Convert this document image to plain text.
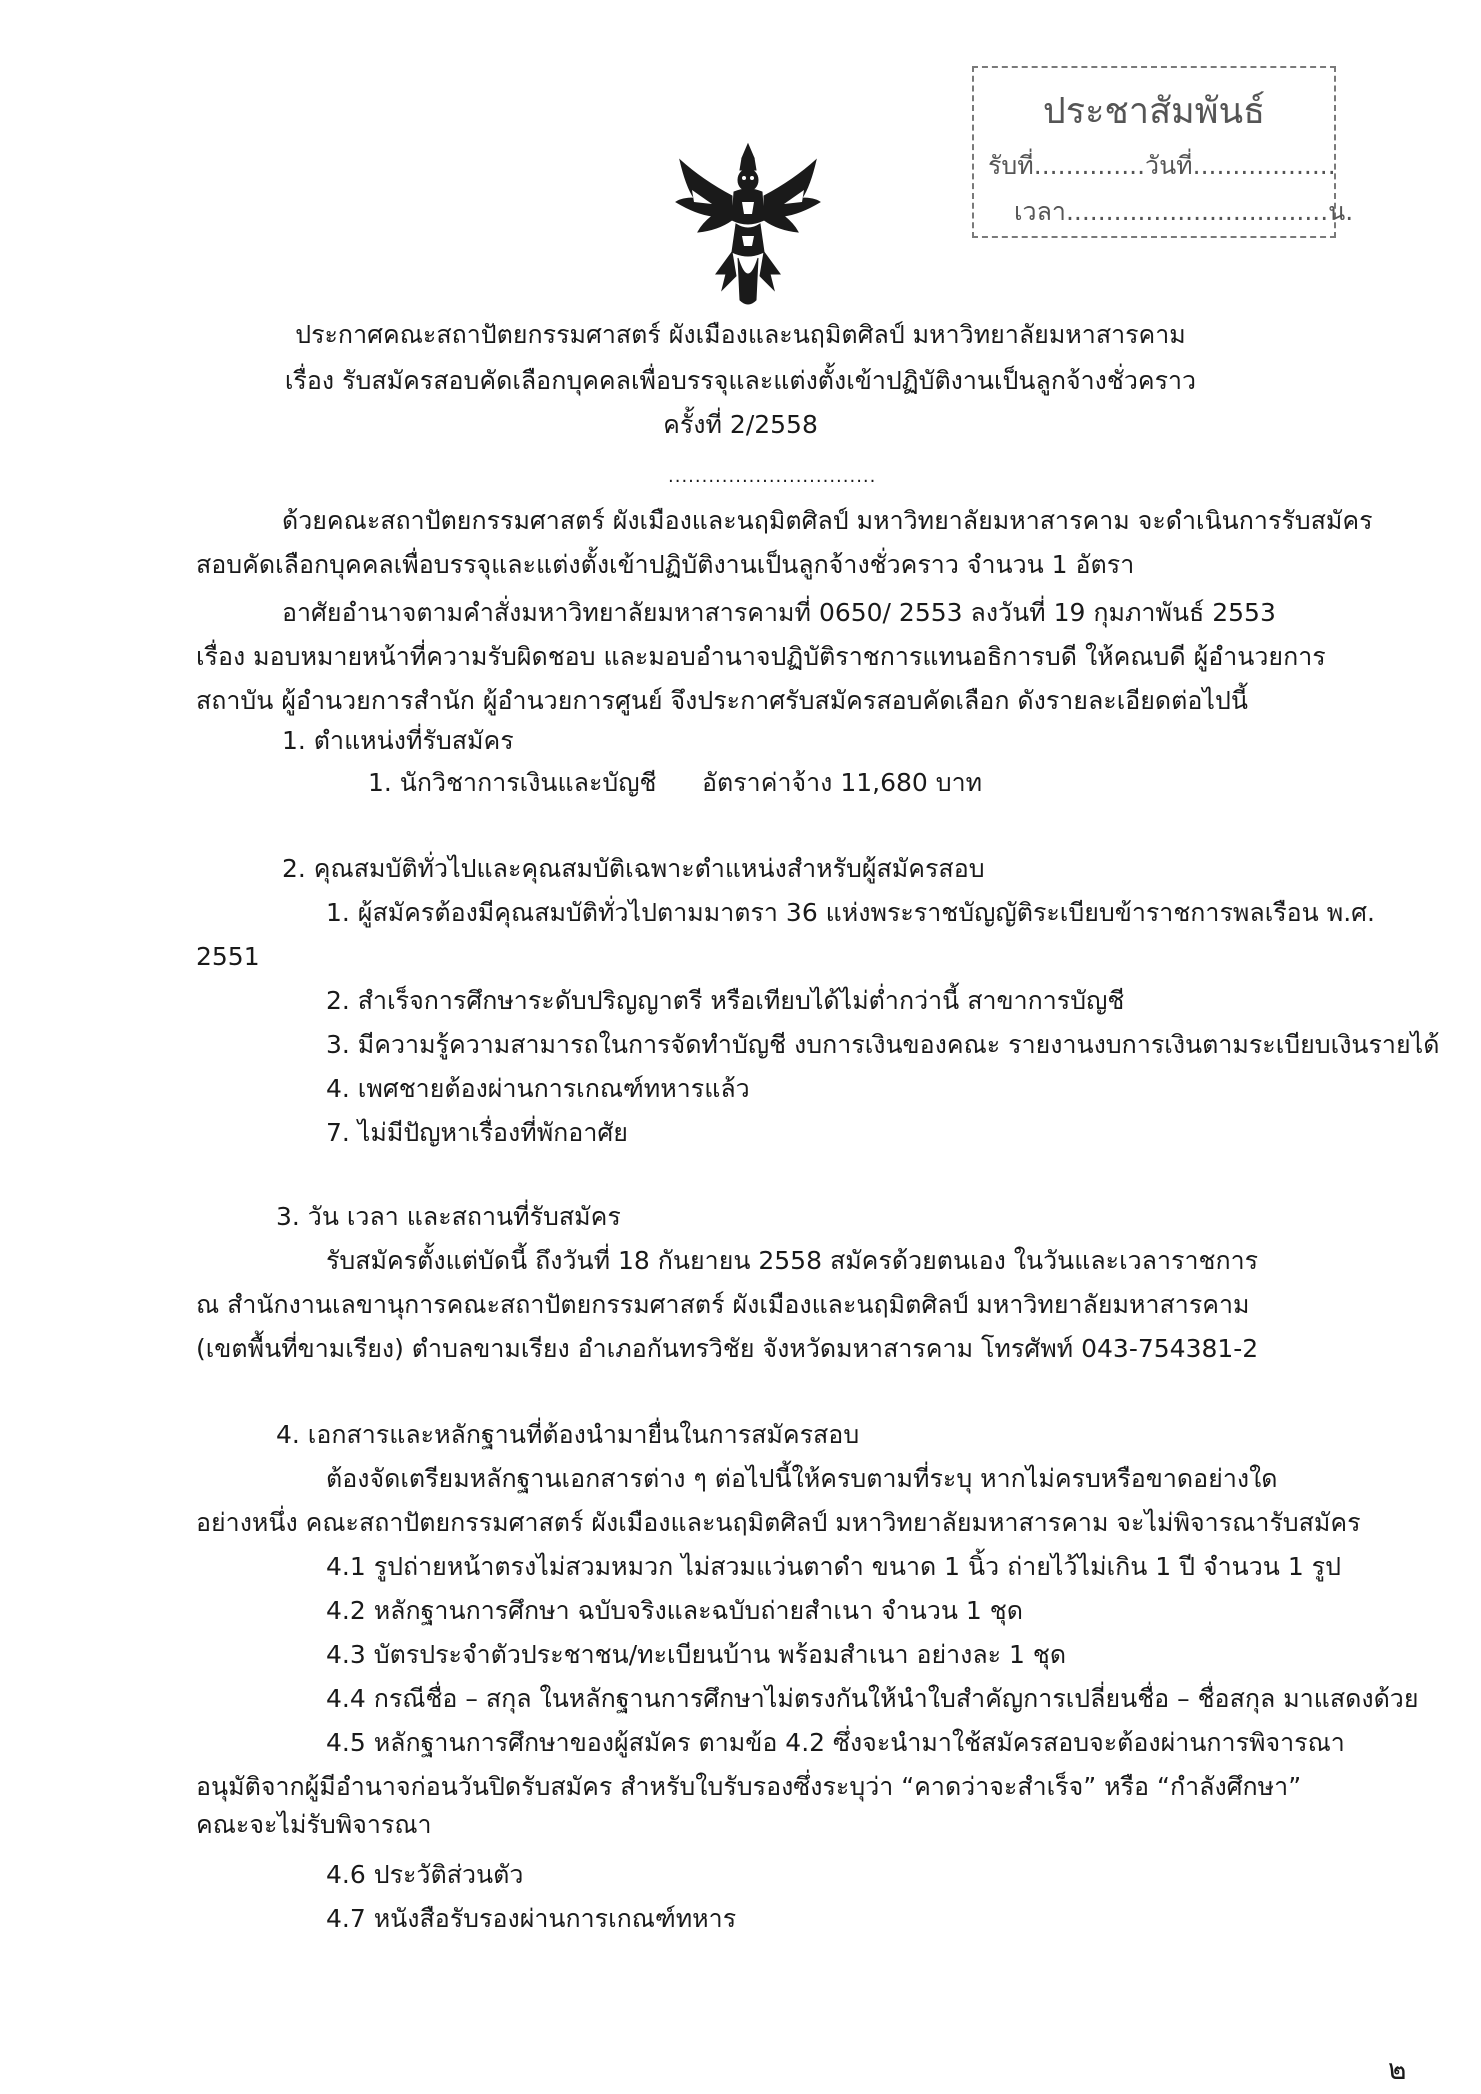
ประชาสัมพันธ์
รับที่..............วันที่..................
เวลา.................................น.
ประกาศคณะสถาปัตยกรรมศาสตร์ ผังเมืองและนฤมิตศิลป์ มหาวิทยาลัยมหาสารคาม
เรื่อง รับสมัครสอบคัดเลือกบุคคลเพื่อบรรจุและแต่งตั้งเข้าปฏิบัติงานเป็นลูกจ้างชั่วคราว
ครั้งที่ 2/2558
...............................
ด้วยคณะสถาปัตยกรรมศาสตร์ ผังเมืองและนฤมิตศิลป์ มหาวิทยาลัยมหาสารคาม จะดำเนินการรับสมัคร
สอบคัดเลือกบุคคลเพื่อบรรจุและแต่งตั้งเข้าปฏิบัติงานเป็นลูกจ้างชั่วคราว จำนวน 1 อัตรา
อาศัยอำนาจตามคำสั่งมหาวิทยาลัยมหาสารคามที่ 0650/ 2553 ลงวันที่ 19 กุมภาพันธ์ 2553
เรื่อง มอบหมายหน้าที่ความรับผิดชอบ และมอบอำนาจปฏิบัติราชการแทนอธิการบดี ให้คณบดี ผู้อำนวยการ
สถาบัน ผู้อำนวยการสำนัก ผู้อำนวยการศูนย์ จึงประกาศรับสมัครสอบคัดเลือก ดังรายละเอียดต่อไปนี้
1. ตำแหน่งที่รับสมัคร
1. นักวิชาการเงินและบัญชี อัตราค่าจ้าง 11,680 บาท
2. คุณสมบัติทั่วไปและคุณสมบัติเฉพาะตำแหน่งสำหรับผู้สมัครสอบ
1. ผู้สมัครต้องมีคุณสมบัติทั่วไปตามมาตรา 36 แห่งพระราชบัญญัติระเบียบข้าราชการพลเรือน พ.ศ.
2551
2. สำเร็จการศึกษาระดับปริญญาตรี หรือเทียบได้ไม่ต่ำกว่านี้ สาขาการบัญชี
3. มีความรู้ความสามารถในการจัดทำบัญชี งบการเงินของคณะ รายงานงบการเงินตามระเบียบเงินรายได้
4. เพศชายต้องผ่านการเกณฑ์ทหารแล้ว
7. ไม่มีปัญหาเรื่องที่พักอาศัย
3. วัน เวลา และสถานที่รับสมัคร
รับสมัครตั้งแต่บัดนี้ ถึงวันที่ 18 กันยายน 2558 สมัครด้วยตนเอง ในวันและเวลาราชการ
ณ สำนักงานเลขานุการคณะสถาปัตยกรรมศาสตร์ ผังเมืองและนฤมิตศิลป์ มหาวิทยาลัยมหาสารคาม
(เขตพื้นที่ขามเรียง) ตำบลขามเรียง อำเภอกันทรวิชัย จังหวัดมหาสารคาม โทรศัพท์ 043-754381-2
4. เอกสารและหลักฐานที่ต้องนำมายื่นในการสมัครสอบ
ต้องจัดเตรียมหลักฐานเอกสารต่าง ๆ ต่อไปนี้ให้ครบตามที่ระบุ หากไม่ครบหรือขาดอย่างใด
อย่างหนึ่ง คณะสถาปัตยกรรมศาสตร์ ผังเมืองและนฤมิตศิลป์ มหาวิทยาลัยมหาสารคาม จะไม่พิจารณารับสมัคร
4.1 รูปถ่ายหน้าตรงไม่สวมหมวก ไม่สวมแว่นตาดำ ขนาด 1 นิ้ว ถ่ายไว้ไม่เกิน 1 ปี จำนวน 1 รูป
4.2 หลักฐานการศึกษา ฉบับจริงและฉบับถ่ายสำเนา จำนวน 1 ชุด
4.3 บัตรประจำตัวประชาชน/ทะเบียนบ้าน พร้อมสำเนา อย่างละ 1 ชุด
4.4 กรณีชื่อ – สกุล ในหลักฐานการศึกษาไม่ตรงกันให้นำใบสำคัญการเปลี่ยนชื่อ – ชื่อสกุล มาแสดงด้วย
4.5 หลักฐานการศึกษาของผู้สมัคร ตามข้อ 4.2 ซึ่งจะนำมาใช้สมัครสอบจะต้องผ่านการพิจารณา
อนุมัติจากผู้มีอำนาจก่อนวันปิดรับสมัคร สำหรับใบรับรองซึ่งระบุว่า “คาดว่าจะสำเร็จ” หรือ “กำลังศึกษา”
คณะจะไม่รับพิจารณา
4.6 ประวัติส่วนตัว
4.7 หนังสือรับรองผ่านการเกณฑ์ทหาร
๒
